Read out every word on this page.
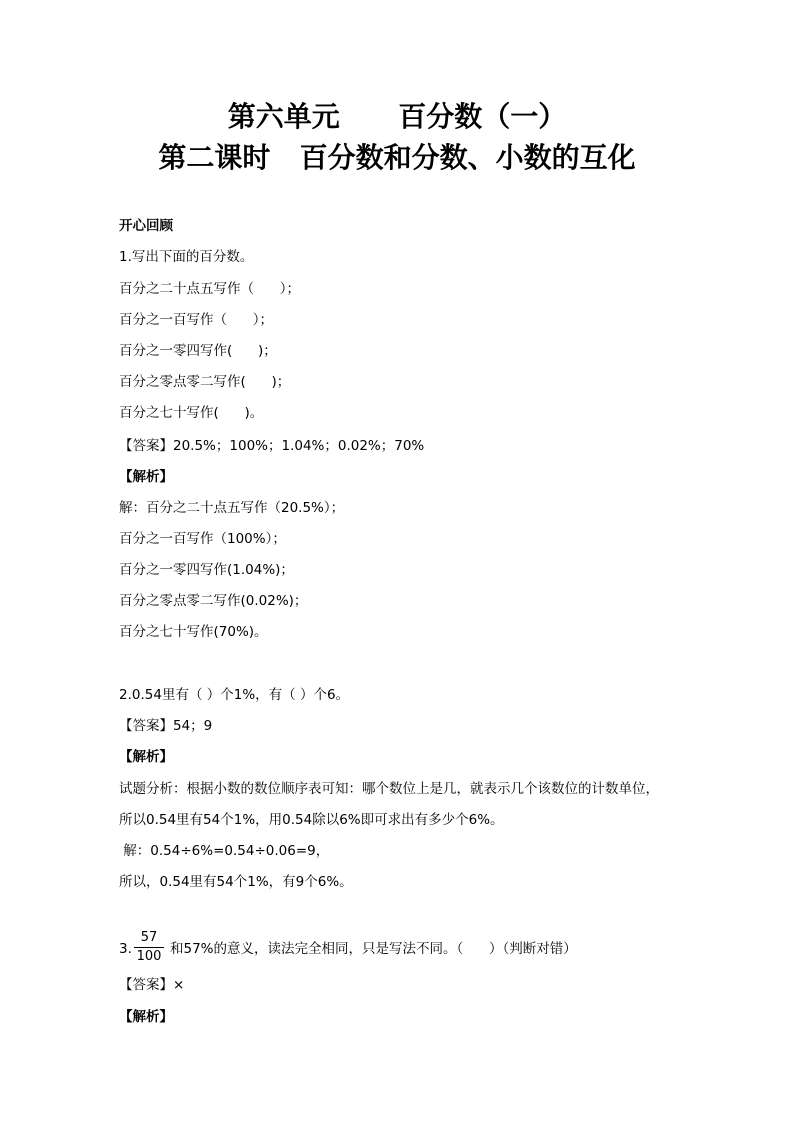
第六单元      百分数（一）
第二课时   百分数和分数、小数的互化
开心回顾
1.写出下面的百分数。
百分之二十点五写作（      ）；
百分之一百写作（      ）；
百分之一零四写作(      )；
百分之零点零二写作(      )；
百分之七十写作(      )。
【答案】20.5%；100%；1.04%；0.02%；70%
【解析】
解：百分之二十点五写作（20.5%）；
百分之一百写作（100%）；
百分之一零四写作(1.04%)；
百分之零点零二写作(0.02%)；
百分之七十写作(70%)。
2.0.54里有（ ）个1%，有（ ）个6。
【答案】54；9
【解析】
试题分析：根据小数的数位顺序表可知：哪个数位上是几，就表示几个该数位的计数单位，
所以0.54里有54个1%，用0.54除以6%即可求出有多少个6%。
解：0.54÷6%=0.54÷0.06=9，
所以，0.54里有54个1%，有9个6%。
3.
57
100 和57%的意义，读法完全相同，只是写法不同。（      ）（判断对错）
【答案】×
【解析】
